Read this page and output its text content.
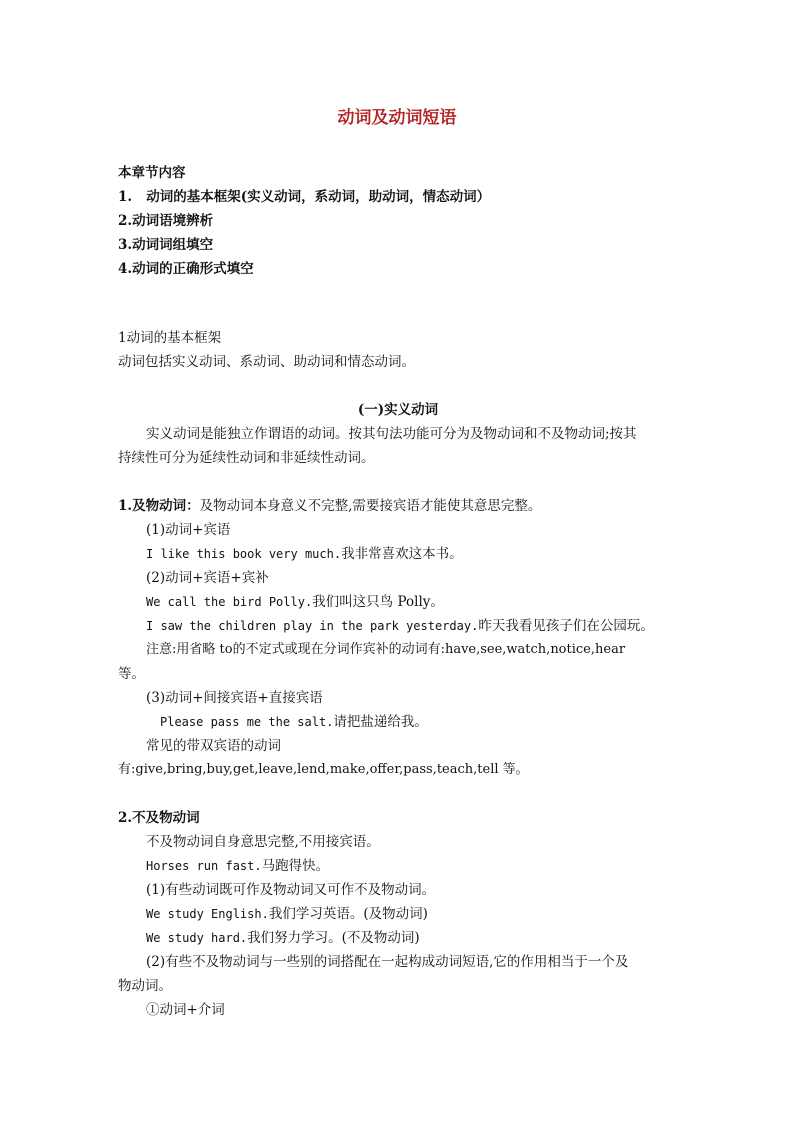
动词及动词短语
本章节内容
1.   动词的基本框架(实义动词，系动词，助动词，情态动词）
2.动词语境辨析
3.动词词组填空
4.动词的正确形式填空
1动词的基本框架
动词包括实义动词、系动词、助动词和情态动词。
(一)实义动词
实义动词是能独立作谓语的动词。按其句法功能可分为及物动词和不及物动词;按其
持续性可分为延续性动词和非延续性动词。
1.及物动词：及物动词本身意义不完整,需要接宾语才能使其意思完整。
(1)动词+宾语
I like this book very much.我非常喜欢这本书。
(2)动词+宾语+宾补
We call the bird Polly.我们叫这只鸟 Polly。
I saw the children play in the park yesterday.昨天我看见孩子们在公园玩。
注意:用省略 to的不定式或现在分词作宾补的动词有:have,see,watch,notice,hear
等。
(3)动词+间接宾语+直接宾语
Please pass me the salt.请把盐递给我。
常见的带双宾语的动词
有:give,bring,buy,get,leave,lend,make,offer,pass,teach,tell 等。
2.不及物动词
不及物动词自身意思完整,不用接宾语。
Horses run fast.马跑得快。
(1)有些动词既可作及物动词又可作不及物动词。
We study English.我们学习英语。(及物动词)
We study hard.我们努力学习。(不及物动词)
(2)有些不及物动词与一些别的词搭配在一起构成动词短语,它的作用相当于一个及
物动词。
①动词+介词
